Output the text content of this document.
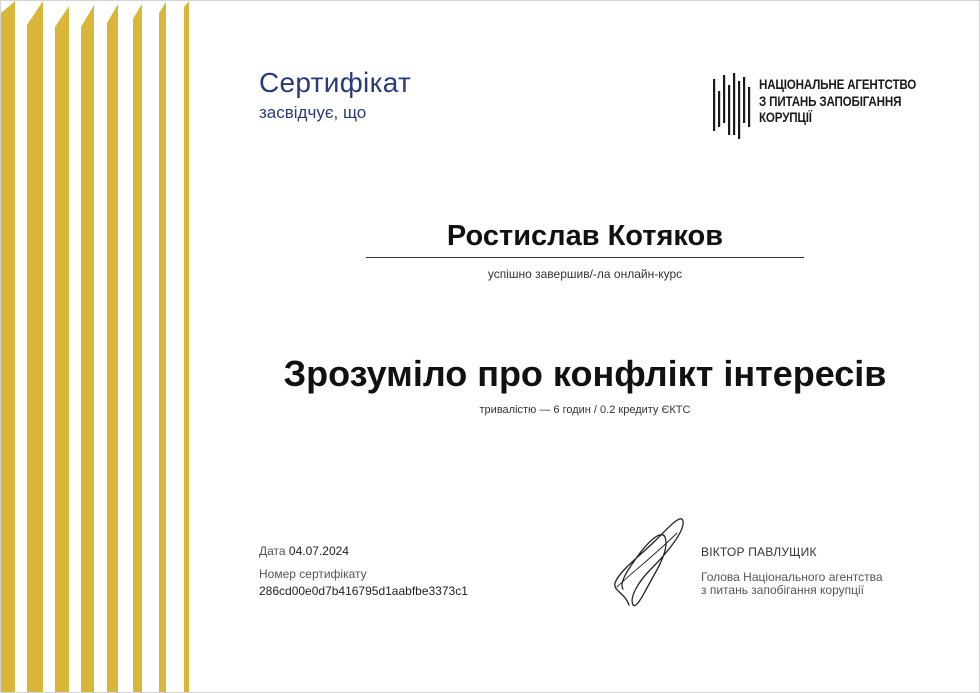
Сертифікат
засвідчує, що
НАЦІОНАЛЬНЕ АГЕНТСТВО
З ПИТАНЬ ЗАПОБІГАННЯ
КОРУПЦІЇ
Ростислав Котяков
успішно завершив/-ла онлайн-курс
Зрозуміло про конфлікт інтересів
тривалістю — 6 годин / 0.2 кредиту ЄКТС
Дата 04.07.2024
Номер сертифікату
286cd00e0d7b416795d1aabfbe3373c1
ВІКТОР ПАВЛУЩИК
Голова Національного агентства
з питань запобігання корупції
